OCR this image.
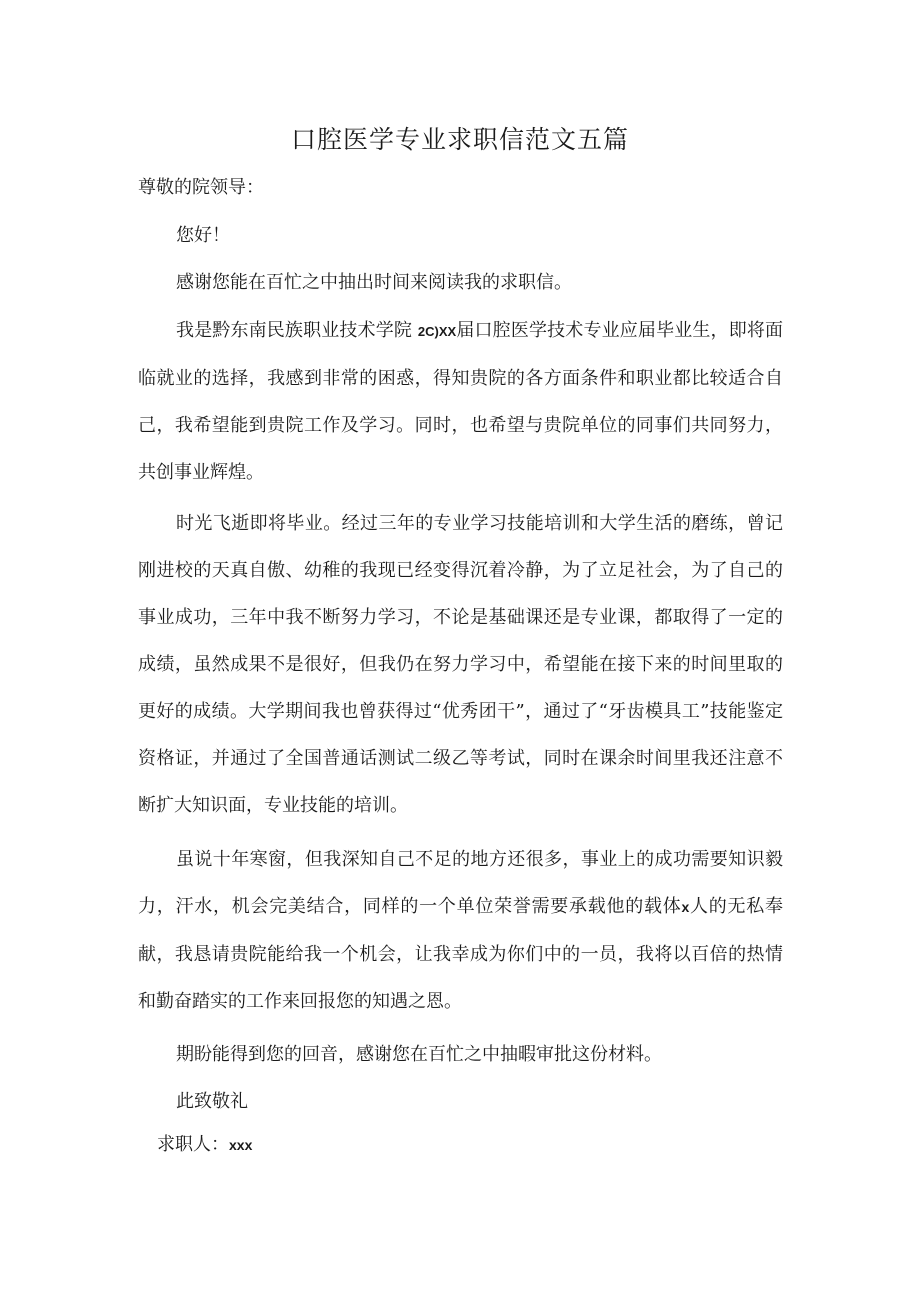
口腔医学专业求职信范文五篇
尊敬的院领导：
您好！
感谢您能在百忙之中抽出时间来阅读我的求职信。

我是黔东南民族职业技术学院 2C)XX届口腔医学技术专业应届毕业生，即将面临就业的选择，我感到非常的困惑，得知贵院的各方面条件和职业都比较适合自己，我希望能到贵院工作及学习。同时，也希望与贵院单位的同事们共同努力，共创事业辉煌。

时光飞逝即将毕业。经过三年的专业学习技能培训和大学生活的磨练，曾记刚进校的天真自傲、幼稚的我现已经变得沉着冷静，为了立足社会，为了自己的事业成功，三年中我不断努力学习，不论是基础课还是专业课，都取得了一定的成绩，虽然成果不是很好，但我仍在努力学习中，希望能在接下来的时间里取的更好的成绩。大学期间我也曾获得过“优秀团干”，通过了“牙齿模具工”技能鉴定资格证，并通过了全国普通话测试二级乙等考试，同时在课余时间里我还注意不断扩大知识面，专业技能的培训。

虽说十年寒窗，但我深知自己不足的地方还很多，事业上的成功需要知识毅力，汗水，机会完美结合，同样的一个单位荣誉需要承载他的载体x人的无私奉献，我恳请贵院能给我一个机会，让我幸成为你们中的一员，我将以百倍的热情和勤奋踏实的工作来回报您的知遇之恩。

期盼能得到您的回音，感谢您在百忙之中抽暇审批这份材料。
此致敬礼
求职人：xxx
